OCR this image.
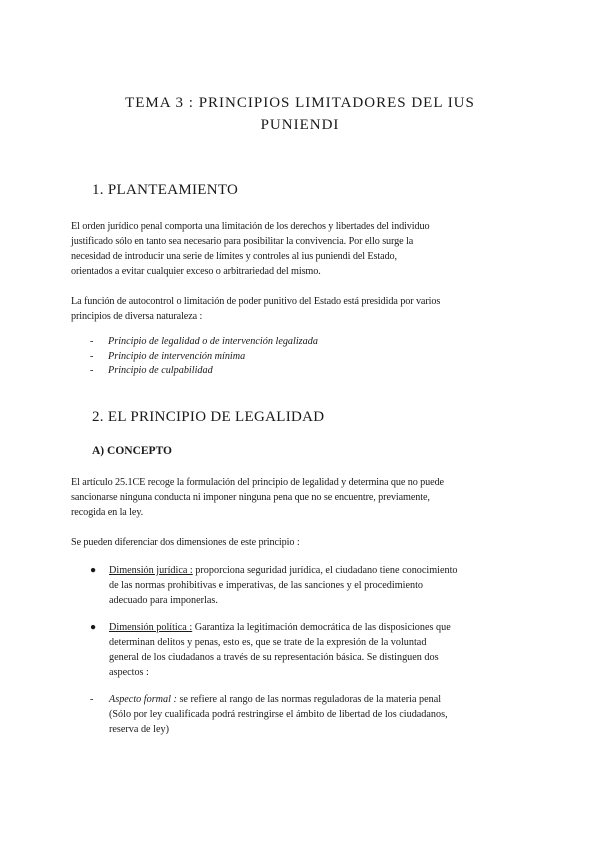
TEMA 3 : PRINCIPIOS LIMITADORES DEL IUS
PUNIENDI
1. PLANTEAMIENTO
El orden jurídico penal comporta una limitación de los derechos y libertades del individuo
justificado sólo en tanto sea necesario para posibilitar la convivencia. Por ello surge la
necesidad de introducir una serie de límites y controles al ius puniendi del Estado,
orientados a evitar cualquier exceso o arbitrariedad del mismo.
La función de autocontrol o limitación de poder punitivo del Estado está presidida por varios
principios de diversa naturaleza :
- Principio de legalidad o de intervención legalizada
- Principio de intervención mínima
- Principio de culpabilidad
2. EL PRINCIPIO DE LEGALIDAD
A) CONCEPTO
El artículo 25.1CE recoge la formulación del principio de legalidad y determina que no puede
sancionarse ninguna conducta ni imponer ninguna pena que no se encuentre, previamente,
recogida en la ley.
Se pueden diferenciar dos dimensiones de este principio :
● Dimensión jurídica : proporciona seguridad jurídica, el ciudadano tiene conocimiento
de las normas prohibitivas e imperativas, de las sanciones y el procedimiento
adecuado para imponerlas.
● Dimensión política : Garantiza la legitimación democrática de las disposiciones que
determinan delitos y penas, esto es, que se trate de la expresión de la voluntad
general de los ciudadanos a través de su representación básica. Se distinguen dos
aspectos :
- Aspecto formal : se refiere al rango de las normas reguladoras de la materia penal
(Sólo por ley cualificada podrá restringirse el ámbito de libertad de los ciudadanos,
reserva de ley)
